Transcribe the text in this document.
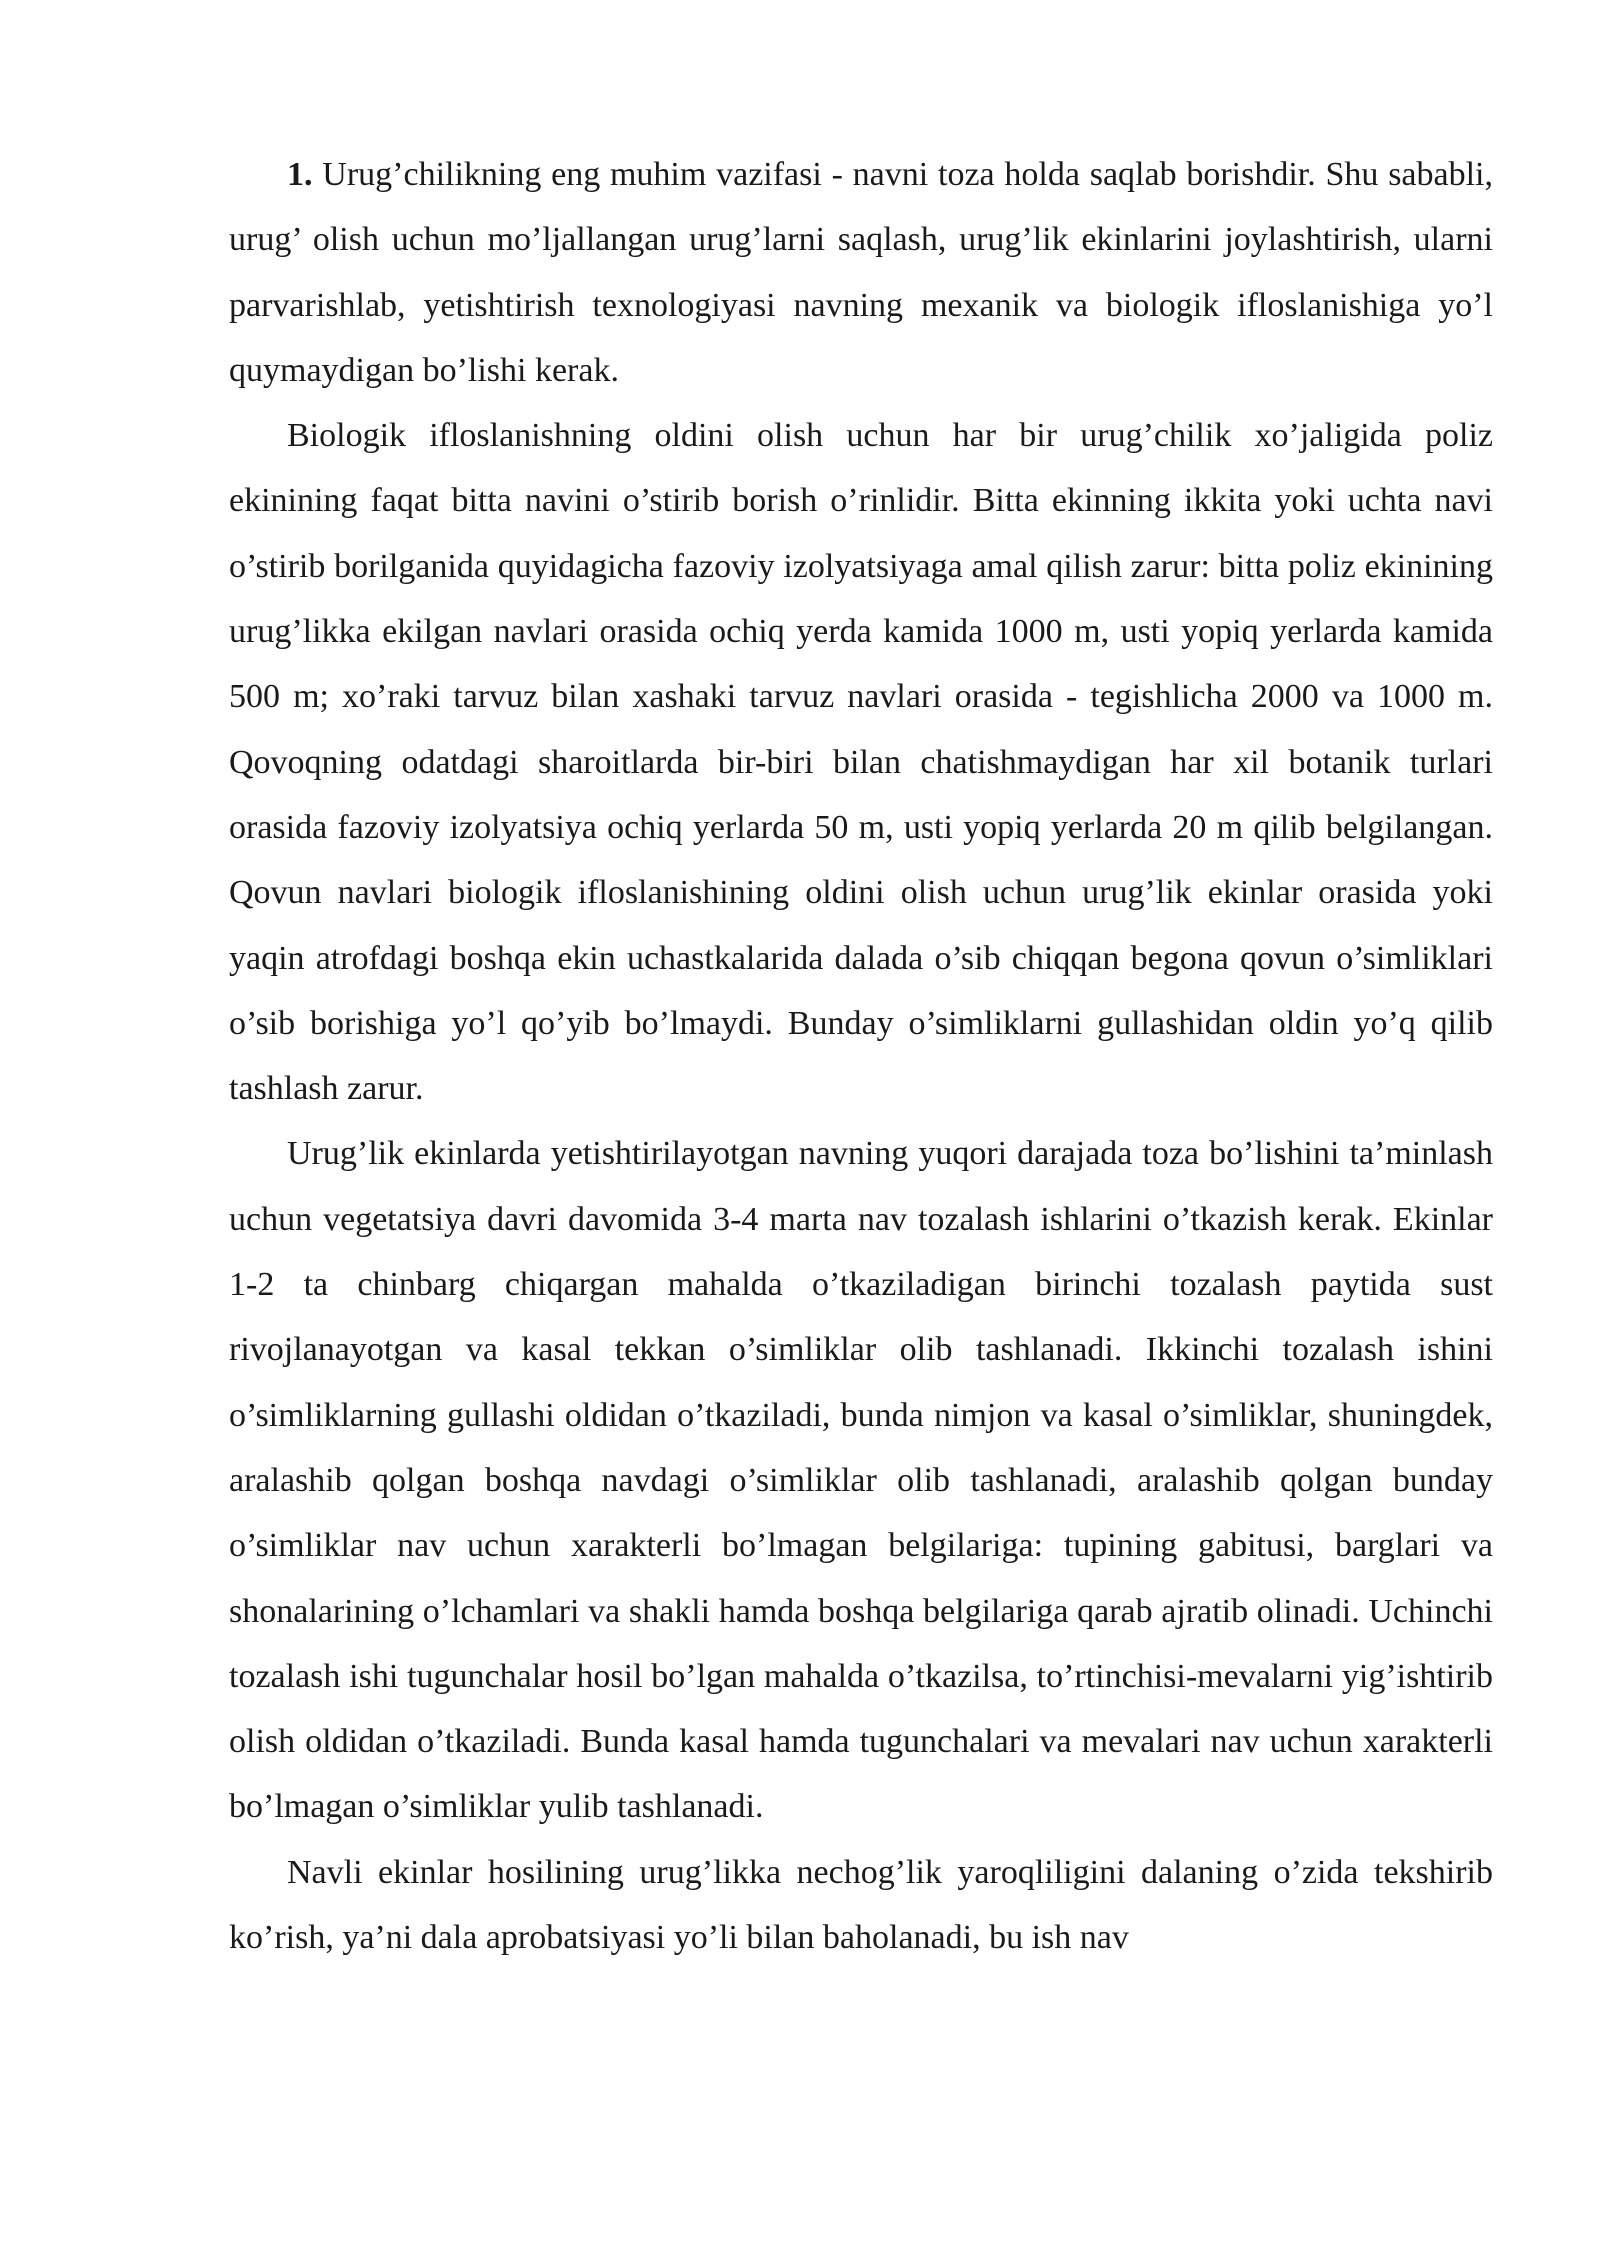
1. Urug’chilikning eng muhim vazifasi - navni toza holda saqlab borishdir. Shu sababli, urug’ olish uchun mo’ljallangan urug’larni saqlash, urug’lik ekinlarini joylashtirish, ularni parvarishlab, yetishtirish texnologiyasi navning mexanik va biologik ifloslanishiga yo’l quymaydigan bo’lishi kerak.

Biologik ifloslanishning oldini olish uchun har bir urug’chilik xo’jaligida poliz ekinining faqat bitta navini o’stirib borish o’rinlidir. Bitta ekinning ikkita yoki uchta navi o’stirib borilganida quyidagicha fazoviy izolyatsiyaga amal qilish zarur: bitta poliz ekinining urug’likka ekilgan navlari orasida ochiq yerda kamida 1000 m, usti yopiq yerlarda kamida 500 m; xo’raki tarvuz bilan xashaki tarvuz navlari orasida - tegishlicha 2000 va 1000 m. Qovoqning odatdagi sharoitlarda bir-biri bilan chatishmaydigan har xil botanik turlari orasida fazoviy izolyatsiya ochiq yerlarda 50 m, usti yopiq yerlarda 20 m qilib belgilangan. Qovun navlari biologik ifloslanishining oldini olish uchun urug’lik ekinlar orasida yoki yaqin atrofdagi boshqa ekin uchastkalarida dalada o’sib chiqqan begona qovun o’simliklari o’sib borishiga yo’l qo’yib bo’lmaydi. Bunday o’simliklarni gullashidan oldin yo’q qilib tashlash zarur.

Urug’lik ekinlarda yetishtirilayotgan navning yuqori darajada toza bo’lishini ta’minlash uchun vegetatsiya davri davomida 3-4 marta nav tozalash ishlarini o’tkazish kerak. Ekinlar 1-2 ta chinbarg chiqargan mahalda o’tkaziladigan birinchi tozalash paytida sust rivojlanayotgan va kasal tekkan o’simliklar olib tashlanadi. Ikkinchi tozalash ishini o’simliklarning gullashi oldidan o’tkaziladi, bunda nimjon va kasal o’simliklar, shuningdek, aralashib qolgan boshqa navdagi o’simliklar olib tashlanadi, aralashib qolgan bunday o’simliklar nav uchun xarakterli bo’lmagan belgilariga: tupining gabitusi, barglari va shonalarining o’lchamlari va shakli hamda boshqa belgilariga qarab ajratib olinadi. Uchinchi tozalash ishi tugunchalar hosil bo’lgan mahalda o’tkazilsa, to’rtinchisi-mevalarni yig’ishtirib olish oldidan o’tkaziladi. Bunda kasal hamda tugunchalari va mevalari nav uchun xarakterli bo’lmagan o’simliklar yulib tashlanadi.

Navli ekinlar hosilining urug’likka nechog’lik yaroqliligini dalaning o’zida tekshirib ko’rish, ya’ni dala aprobatsiyasi yo’li bilan baholanadi, bu ish nav
